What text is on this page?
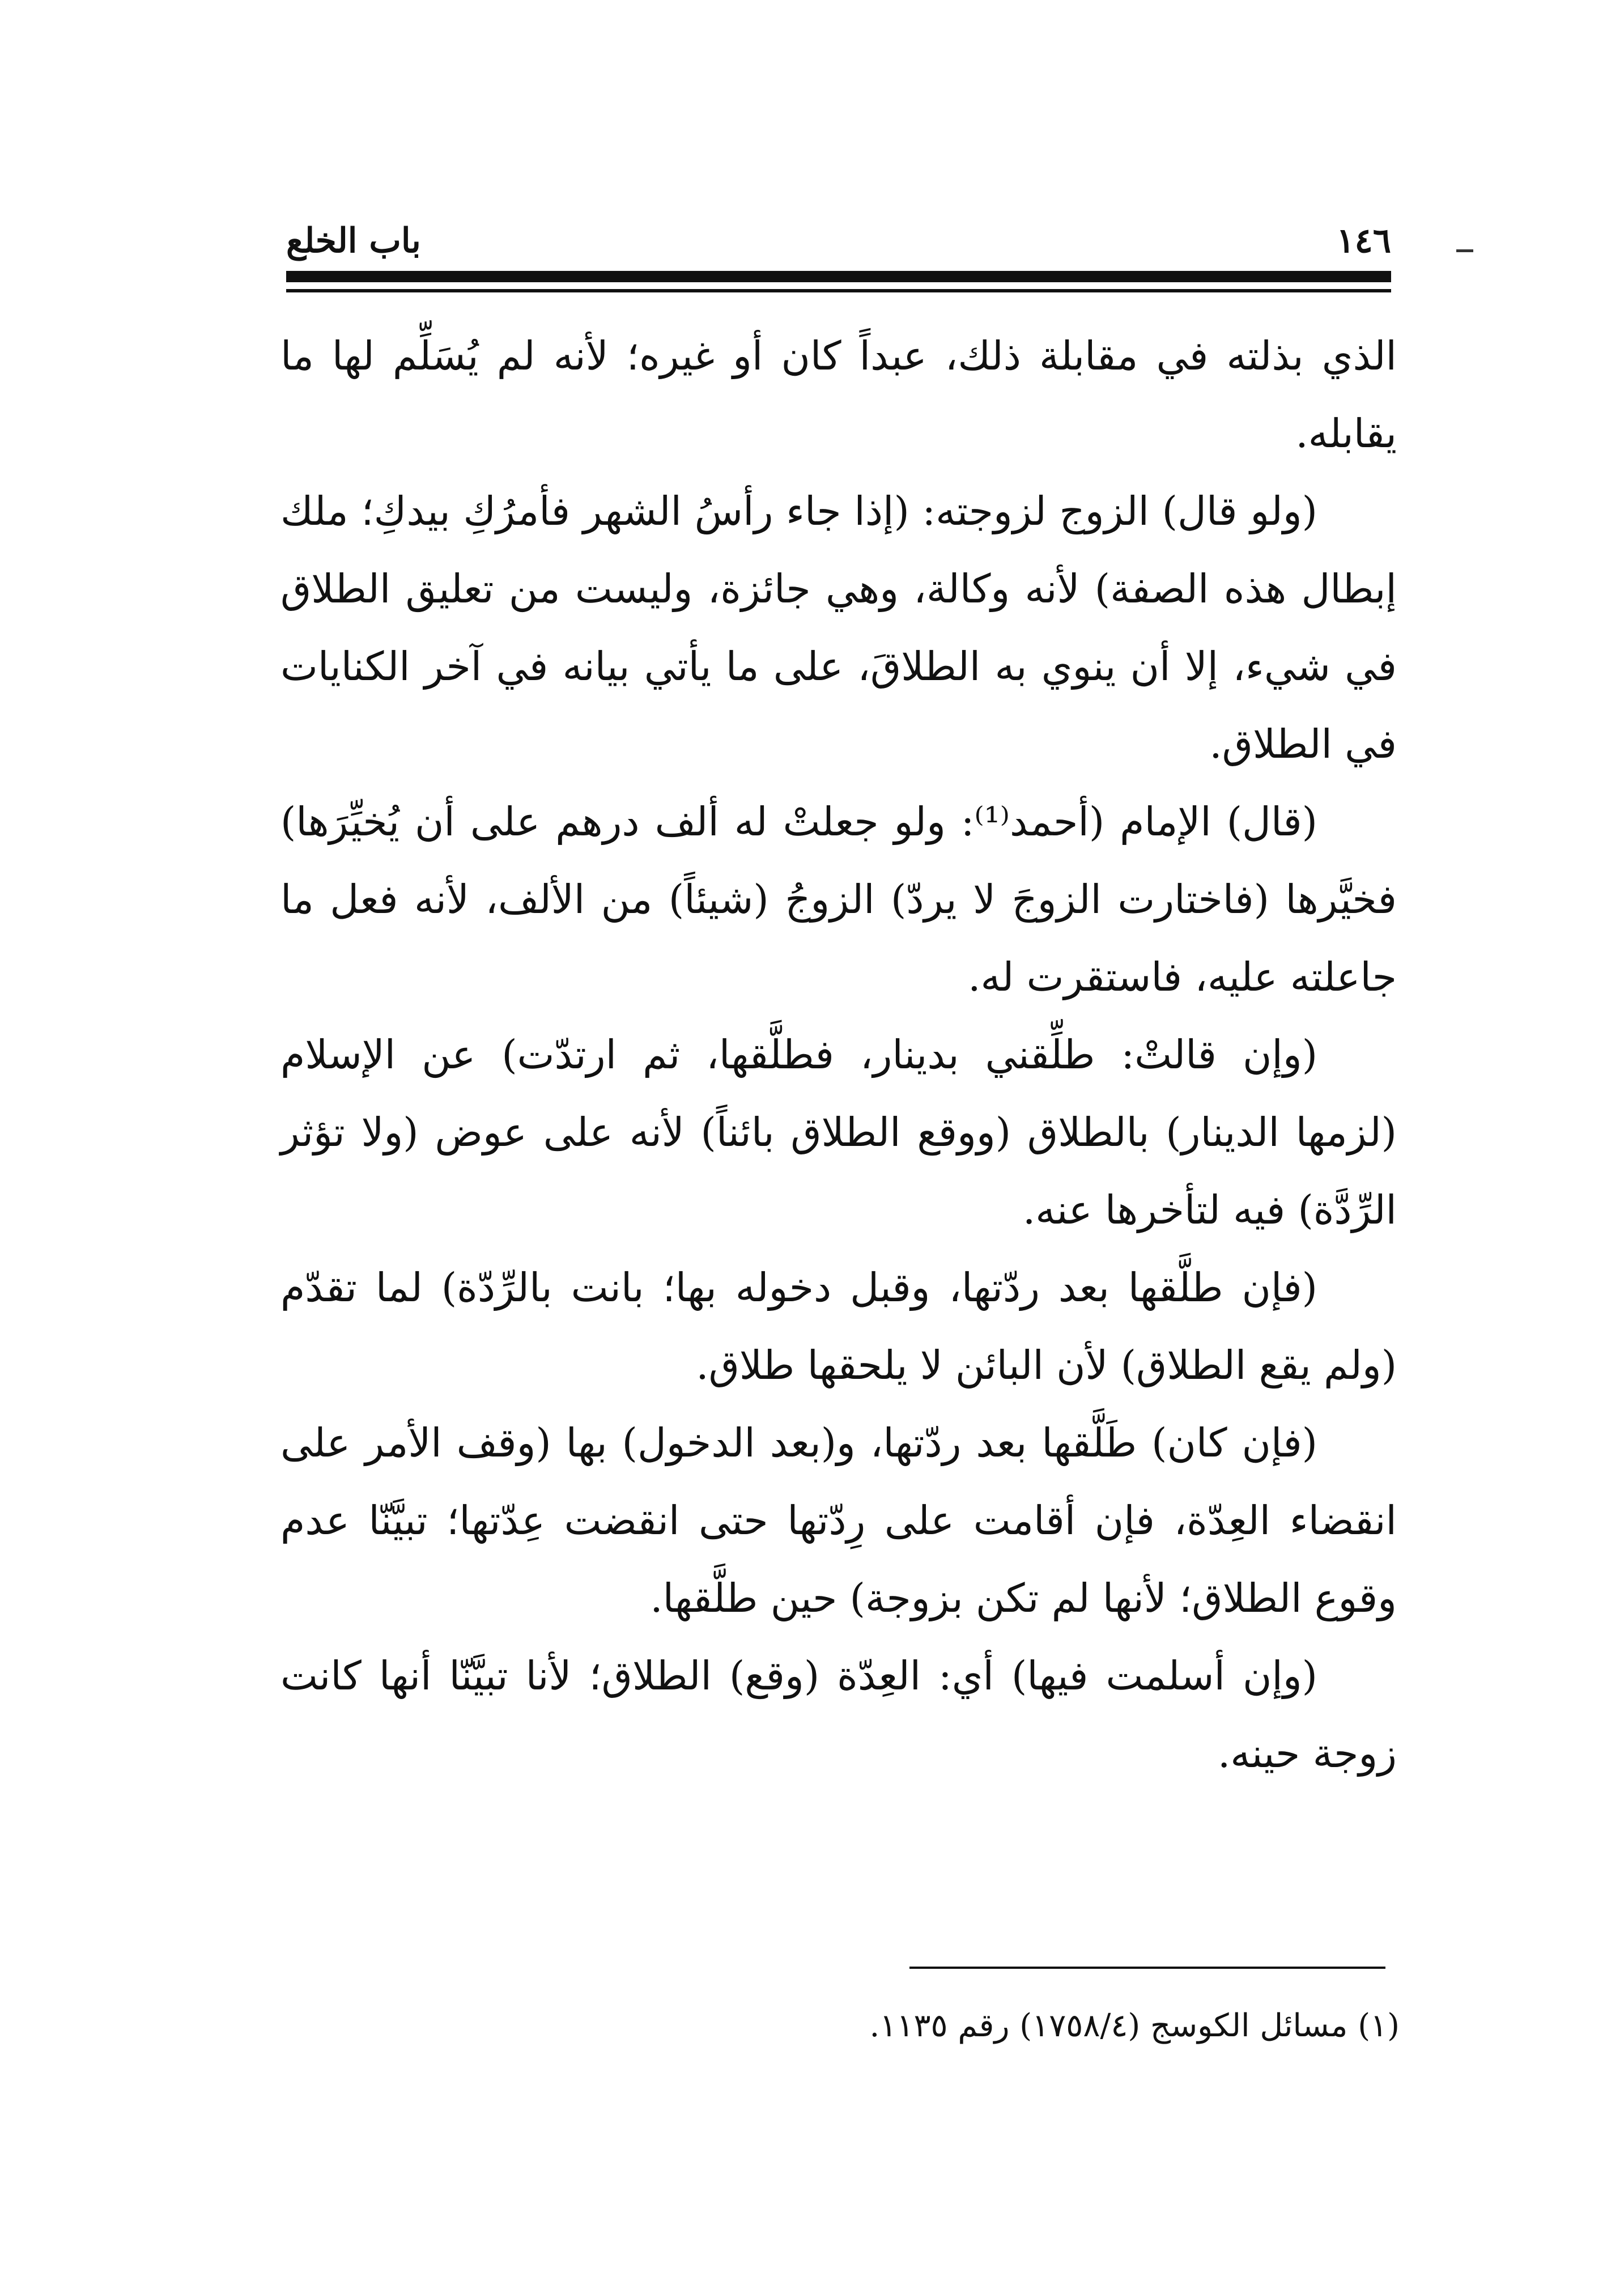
باب الخلع	١٤٦

الذي بذلته في مقابلة ذلك، عبداً كان أو غيره؛ لأنه لم يُسَلِّم لها ما يقابله.

(ولو قال) الزوج لزوجته: (إذا جاء رأسُ الشهر فأمرُكِ بيدكِ؛ ملك إبطال هذه الصفة) لأنه وكالة، وهي جائزة، وليست من تعليق الطلاق في شيء، إلا أن ينوي به الطلاقَ، على ما يأتي بيانه في آخر الكنايات في الطلاق.

(قال) الإمام (أحمد⁽¹⁾: ولو جعلتْ له ألف درهم على أن يُخيِّرَها) فخيَّرها (فاختارت الزوجَ لا يردّ) الزوجُ (شيئاً) من الألف، لأنه فعل ما جاعلته عليه، فاستقرت له.

(وإن قالتْ: طلِّقني بدينار، فطلَّقها، ثم ارتدّت) عن الإسلام (لزمها الدينار) بالطلاق (ووقع الطلاق بائناً) لأنه على عوض (ولا تؤثر الرِّدَّة) فيه لتأخرها عنه.

(فإن طلَّقها بعد ردّتها، وقبل دخوله بها؛ بانت بالرِّدّة) لما تقدّم (ولم يقع الطلاق) لأن البائن لا يلحقها طلاق.

(فإن كان) طَلَّقها بعد ردّتها، و(بعد الدخول) بها (وقف الأمر على انقضاء العِدّة، فإن أقامت على رِدّتها حتى انقضت عِدّتها؛ تبيَّنّا عدم وقوع الطلاق؛ لأنها لم تكن بزوجة) حين طلَّقها.

(وإن أسلمت فيها) أي: العِدّة (وقع) الطلاق؛ لأنا تبيَّنّا أنها كانت زوجة حينه.

(١) مسائل الكوسج (١٧٥٨/٤) رقم ١١٣٥.
